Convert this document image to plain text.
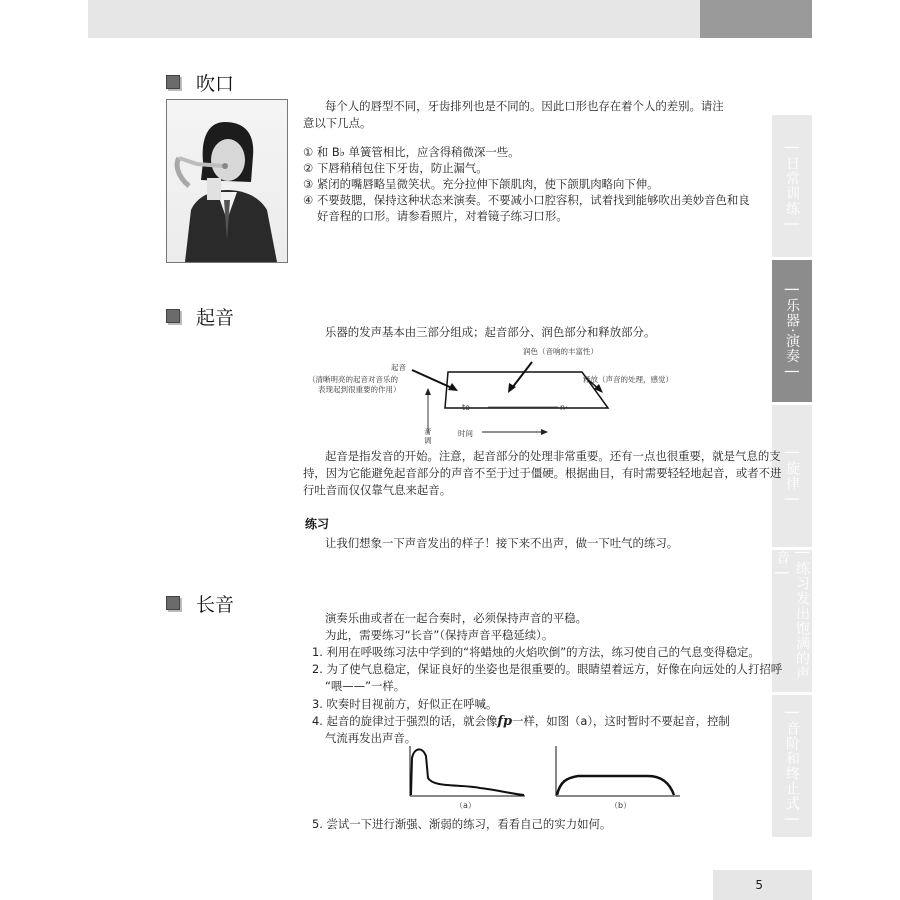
| 日常训练 |
| 乐器·演奏 |
| 旋律 |
| 练习发出饱满的声音 |
| 音阶和终止式 |
吹口
每个人的唇型不同，牙齿排列也是不同的。因此口形也存在着个人的差别。请注意以下几点。
① 和 B♭ 单簧管相比，应含得稍微深一些。
② 下唇稍稍包住下牙齿，防止漏气。
③ 紧闭的嘴唇略呈微笑状。充分拉伸下颌肌肉，使下颌肌肉略向下伸。
④ 不要鼓腮，保持这种状态来演奏。不要减小口腔容积，试着找到能够吹出美妙音色和良
好音程的口形。请参看照片，对着镜子练习口形。
起音
乐器的发声基本由三部分组成；起音部分、润色部分和释放部分。
起音
（清晰明亮的起音对音乐的
表现起到很重要的作用）
润色（音响的丰富性）
释放（声音的处理，感觉）
to	n·
音
调
时间
起音是指发音的开始。注意，起音部分的处理非常重要。还有一点也很重要，就是气息的支
持，因为它能避免起音部分的声音不至于过于僵硬。根据曲目，有时需要轻轻地起音，或者不进
行吐音而仅仅靠气息来起音。
练习
让我们想象一下声音发出的样子！接下来不出声，做一下吐气的练习。
长音
演奏乐曲或者在一起合奏时，必须保持声音的平稳。
为此，需要练习“长音”（保持声音平稳延续）。
1. 利用在呼吸练习法中学到的“将蜡烛的火焰吹倒”的方法，练习使自己的气息变得稳定。
2. 为了使气息稳定，保证良好的坐姿也是很重要的。眼睛望着远方，好像在向远处的人打招呼
“喂——”一样。
3. 吹奏时目视前方，好似正在呼喊。
4. 起音的旋律过于强烈的话，就会像fp一样，如图（a），这时暂时不要起音，控制
气流再发出声音。
（a）	（b）
5. 尝试一下进行渐强、渐弱的练习，看看自己的实力如何。
5
